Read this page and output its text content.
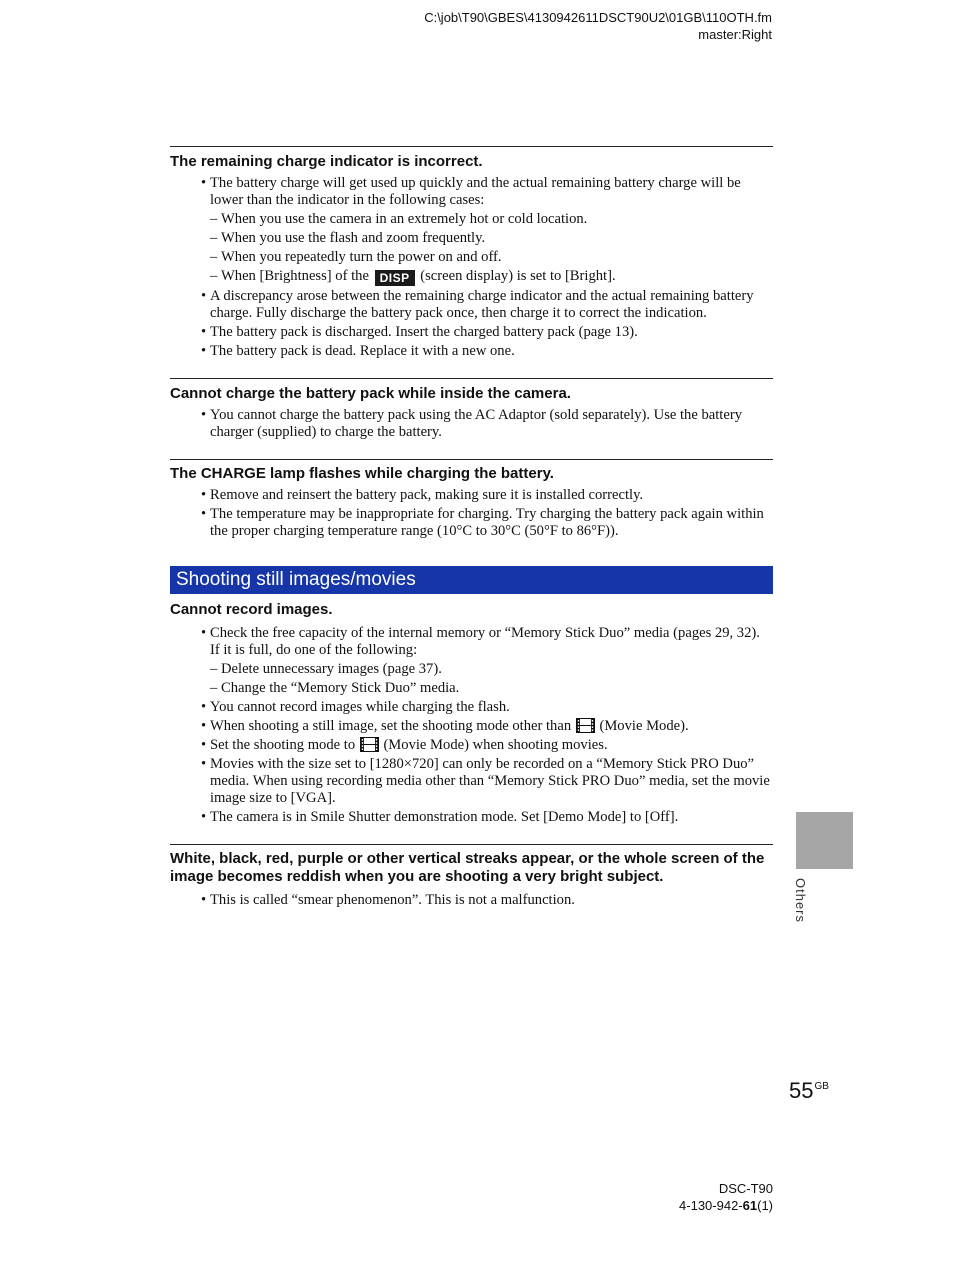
C:\job\T90\GBES\4130942611DSCT90U2\01GB\110OTH.fm
master:Right
The remaining charge indicator is incorrect.
• The battery charge will get used up quickly and the actual remaining battery charge will be lower than the indicator in the following cases:
– When you use the camera in an extremely hot or cold location.
– When you use the flash and zoom frequently.
– When you repeatedly turn the power on and off.
– When [Brightness] of the DISP (screen display) is set to [Bright].
• A discrepancy arose between the remaining charge indicator and the actual remaining battery charge. Fully discharge the battery pack once, then charge it to correct the indication.
• The battery pack is discharged. Insert the charged battery pack (page 13).
• The battery pack is dead. Replace it with a new one.
Cannot charge the battery pack while inside the camera.
• You cannot charge the battery pack using the AC Adaptor (sold separately). Use the battery charger (supplied) to charge the battery.
The CHARGE lamp flashes while charging the battery.
• Remove and reinsert the battery pack, making sure it is installed correctly.
• The temperature may be inappropriate for charging. Try charging the battery pack again within the proper charging temperature range (10°C to 30°C (50°F to 86°F)).
Shooting still images/movies
Cannot record images.
• Check the free capacity of the internal memory or “Memory Stick Duo” media (pages 29, 32). If it is full, do one of the following:
– Delete unnecessary images (page 37).
– Change the “Memory Stick Duo” media.
• You cannot record images while charging the flash.
• When shooting a still image, set the shooting mode other than (Movie Mode).
• Set the shooting mode to (Movie Mode) when shooting movies.
• Movies with the size set to [1280×720] can only be recorded on a “Memory Stick PRO Duo” media. When using recording media other than “Memory Stick PRO Duo” media, set the movie image size to [VGA].
• The camera is in Smile Shutter demonstration mode. Set [Demo Mode] to [Off].
White, black, red, purple or other vertical streaks appear, or the whole screen of the image becomes reddish when you are shooting a very bright subject.
• This is called “smear phenomenon”. This is not a malfunction.	Others
$55^{GB}$
DSC-T90
4-130-942-61(1)
